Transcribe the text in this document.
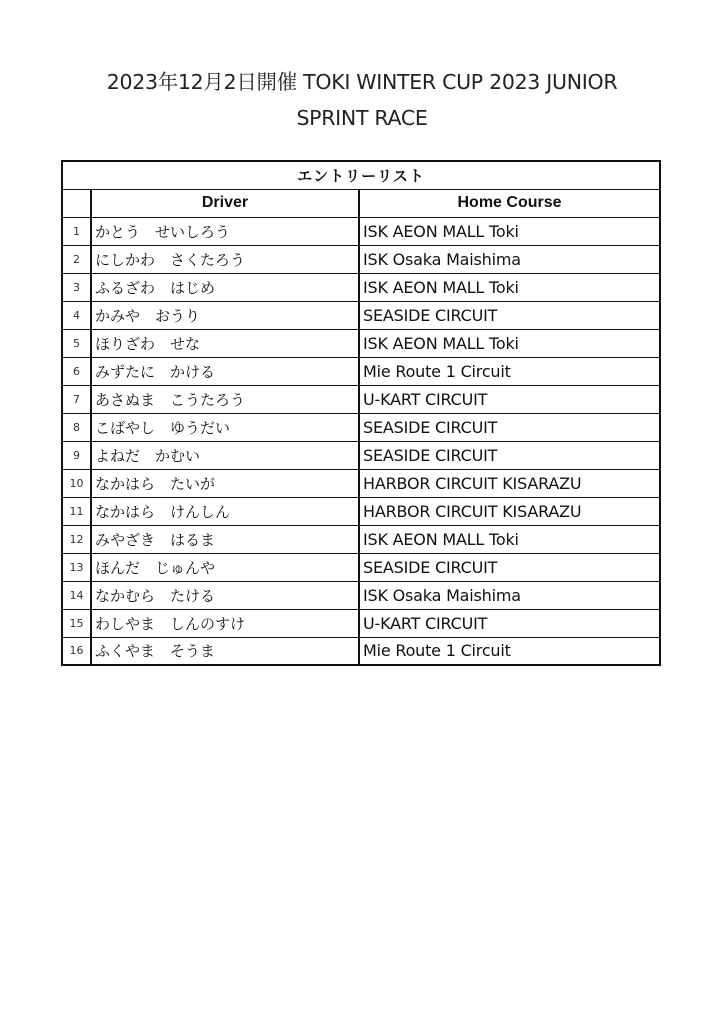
2023年12月2日開催 TOKI WINTER CUP 2023 JUNIOR
SPRINT RACE
エントリーリスト		
	Driver	Home Course
1	かとう　せいしろう	ISK AEON MALL Toki
2	にしかわ　さくたろう	ISK Osaka Maishima
3	ふるざわ　はじめ	ISK AEON MALL Toki
4	かみや　おうり	SEASIDE CIRCUIT
5	ほりざわ　せな	ISK AEON MALL Toki
6	みずたに　かける	Mie Route 1 Circuit
7	あさぬま　こうたろう	U-KART CIRCUIT
8	こばやし　ゆうだい	SEASIDE CIRCUIT
9	よねだ　かむい	SEASIDE CIRCUIT
10	なかはら　たいが	HARBOR CIRCUIT KISARAZU
11	なかはら　けんしん	HARBOR CIRCUIT KISARAZU
12	みやざき　はるま	ISK AEON MALL Toki
13	ほんだ　じゅんや	SEASIDE CIRCUIT
14	なかむら　たける	ISK Osaka Maishima
15	わしやま　しんのすけ	U-KART CIRCUIT
16	ふくやま　そうま	Mie Route 1 Circuit
